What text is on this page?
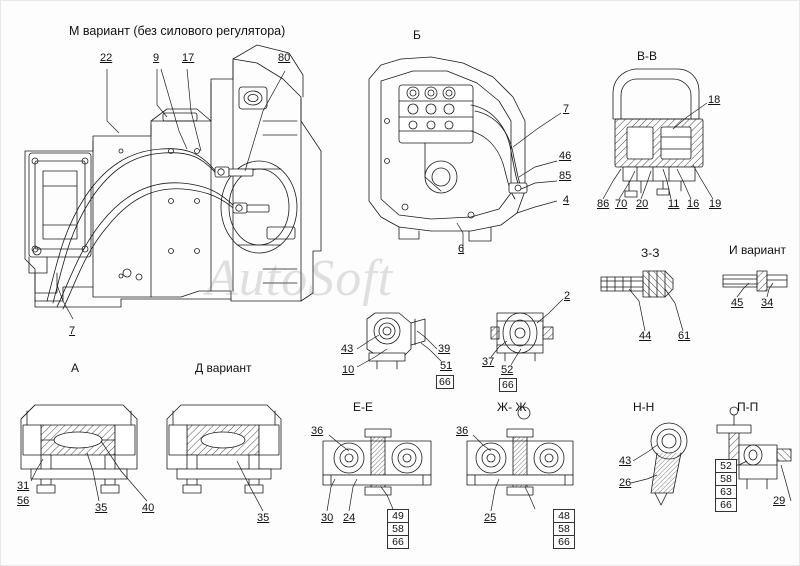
AutoSoft
М вариант (без силового регулятора)	Б
В-В
З-З	И вариант
А	Д вариант
Е-Е	Ж- Ж	Н-Н	П-П
22	9 17	80
7
7
46
85
4
6
18
86 70 20 11 16 19
44 61
45 34
43
10
39
51
66
2
37
52
66
31
56
35	40
35
36
30 24	49
58
66
36
25	48
58
66
43
26
52
58
63
66	29
